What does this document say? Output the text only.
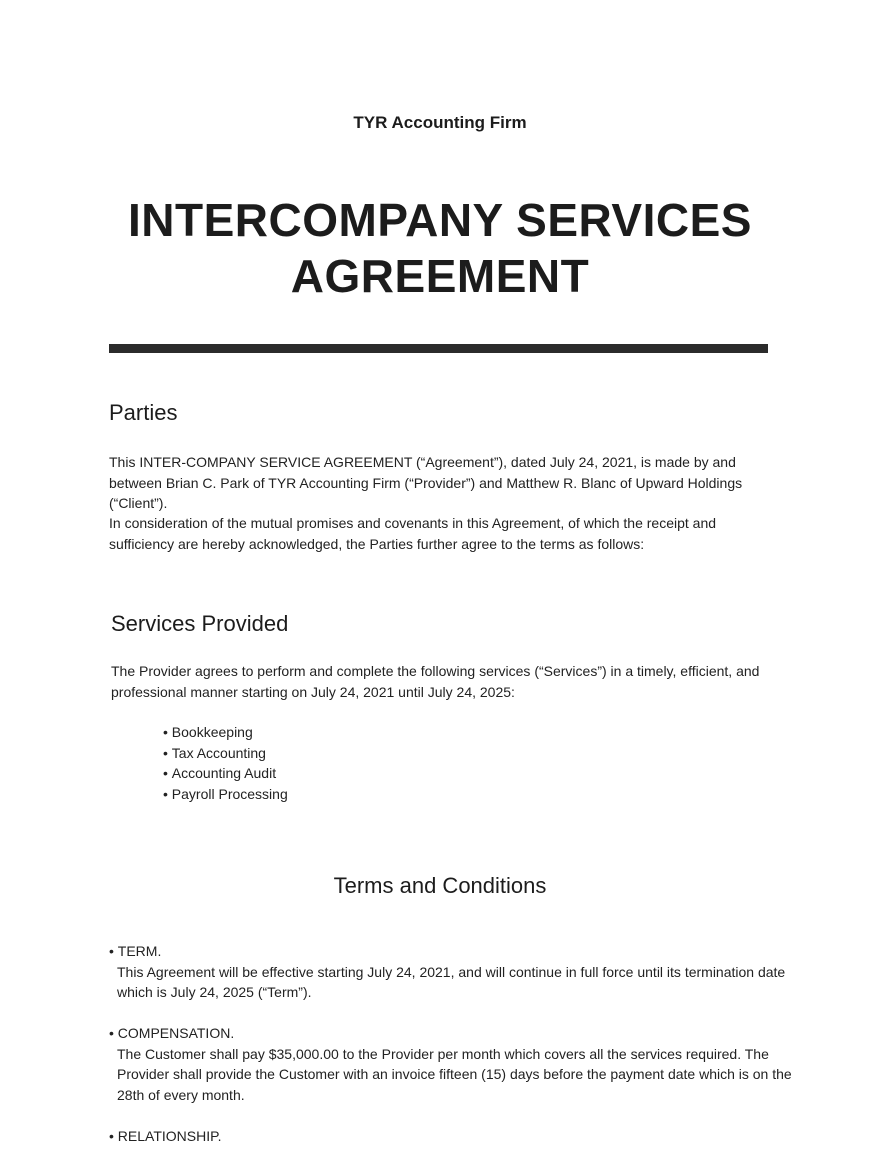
TYR Accounting Firm
INTERCOMPANY SERVICES
AGREEMENT
Parties

This INTER-COMPANY SERVICE AGREEMENT (“Agreement”), dated July 24, 2021, is made by and between Brian C. Park of TYR Accounting Firm (“Provider”) and Matthew R. Blanc of Upward Holdings (“Client”).

In consideration of the mutual promises and covenants in this Agreement, of which the receipt and sufficiency are hereby acknowledged, the Parties further agree to the terms as follows:

Services Provided

The Provider agrees to perform and complete the following services (“Services”) in a timely, efficient, and professional manner starting on July 24, 2021 until July 24, 2025:

• Bookkeeping
• Tax Accounting
• Accounting Audit
• Payroll Processing
Terms and Conditions
• TERM.
This Agreement will be effective starting July 24, 2021, and will continue in full force until its termination date which is July 24, 2025 (“Term”).
• COMPENSATION.
The Customer shall pay $35,000.00 to the Provider per month which covers all the services required. The Provider shall provide the Customer with an invoice fifteen (15) days before the payment date which is on the 28th of every month.
• RELATIONSHIP.
